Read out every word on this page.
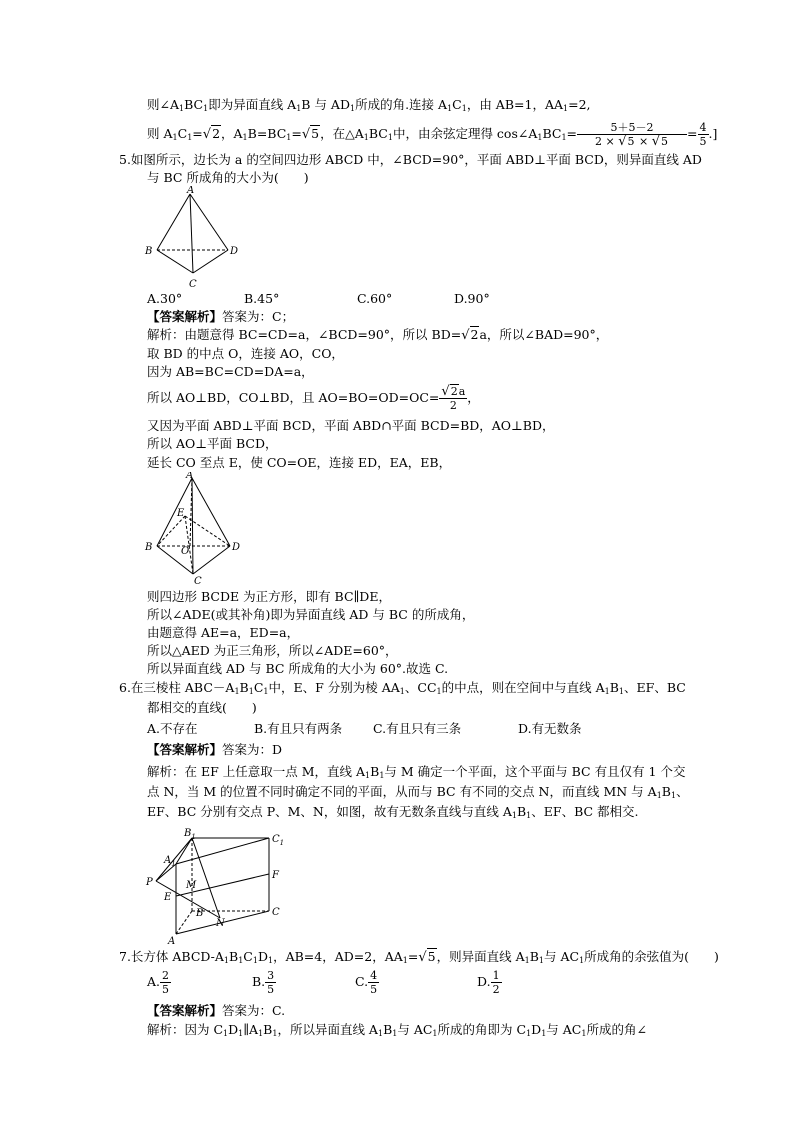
则$\angle A_1BC_1$即为异面直线 $A_1B$ 与 $AD_1$所成的角.连接 $A_1C_1$，由 AB=1，$AA_1=2$,
则 $A_1C_1=√2$，$A_1B=BC_1=√5$，在$\triangle A_1BC_1$中，由余弦定理得 $\cos\angle A_1BC_1= \frac{5+5-2}{2 \times √5 \times √5} = \frac{4}{5}$ .]
5.如图所示，边长为 a 的空间四边形 ABCD 中，∠BCD=90°，平面 ABD⊥平面 BCD，则异面直线 AD
与 BC 所成角的大小为(　　)
A
B	D
C
A.30°	B.45°	C.60°	D.90°
【答案解析】答案为：C；
解析：由题意得 BC=CD=a，∠BCD=90°，所以 BD=√2a，所以∠BAD=90°，
取 BD 的中点 O，连接 AO，CO，
因为 AB=BC=CD=DA=a，
所以 AO⊥BD，CO⊥BD，且 $AO=BO=OD=OC= \frac{√2a}{2}$ ，
又因为平面 ABD⊥平面 BCD，平面 ABD∩平面 BCD=BD，AO⊥BD，
所以 AO⊥平面 BCD，
延长 CO 至点 E，使 CO=OE，连接 ED，EA，EB，
A
E
B	D
O
C
则四边形 BCDE 为正方形，即有 BC∥DE，
所以∠ADE(或其补角)即为异面直线 AD 与 BC 的所成角，
由题意得 AE=a，ED=a，
所以△AED 为正三角形，所以∠ADE=60°，
所以异面直线 AD 与 BC 所成角的大小为 60°.故选 C.
6.在三棱柱 $ABC-A_1B_1C_1$中，E、F 分别为棱 $AA_1$、$CC_1$的中点，则在空间中与直线 $A_1B_1$、EF、BC
都相交的直线(　　)
A.不存在	B.有且只有两条 C.有且只有三条	D.有无数条
【答案解析】答案为：D
解析：在 EF 上任意取一点 M，直线 $A_1B_1$与 M 确定一个平面，这个平面与 BC 有且仅有 1 个交
点 N，当 M 的位置不同时确定不同的平面，从而与 BC 有不同的交点 N，而直线 MN 与 $A_1B_1$、
EF、BC 分别有交点 P、M、N，如图，故有无数条直线与直线 $A_1B_1$、EF、BC 都相交.
$B_1$
$A_1$
$C_1$
P	M
F
E
B
N
C
A
7.长方体 ABCD-$A_1B_1C_1D_1$，AB=4，AD=2，$AA_1=√5$，则异面直线 $A_1B_1$与 $AC_1$所成角的余弦值为(　　)
A. $\frac{2}{5}$	B. $\frac{3}{5}$	C. $\frac{4}{5}$	D. $\frac{1}{2}$
【答案解析】答案为：C.
解析：因为 $C_1D_1\parallel A_1B_1$，所以异面直线 $A_1B_1$与 $AC_1$所成的角即为 $C_1D_1$与 $AC_1$所成的角∠
